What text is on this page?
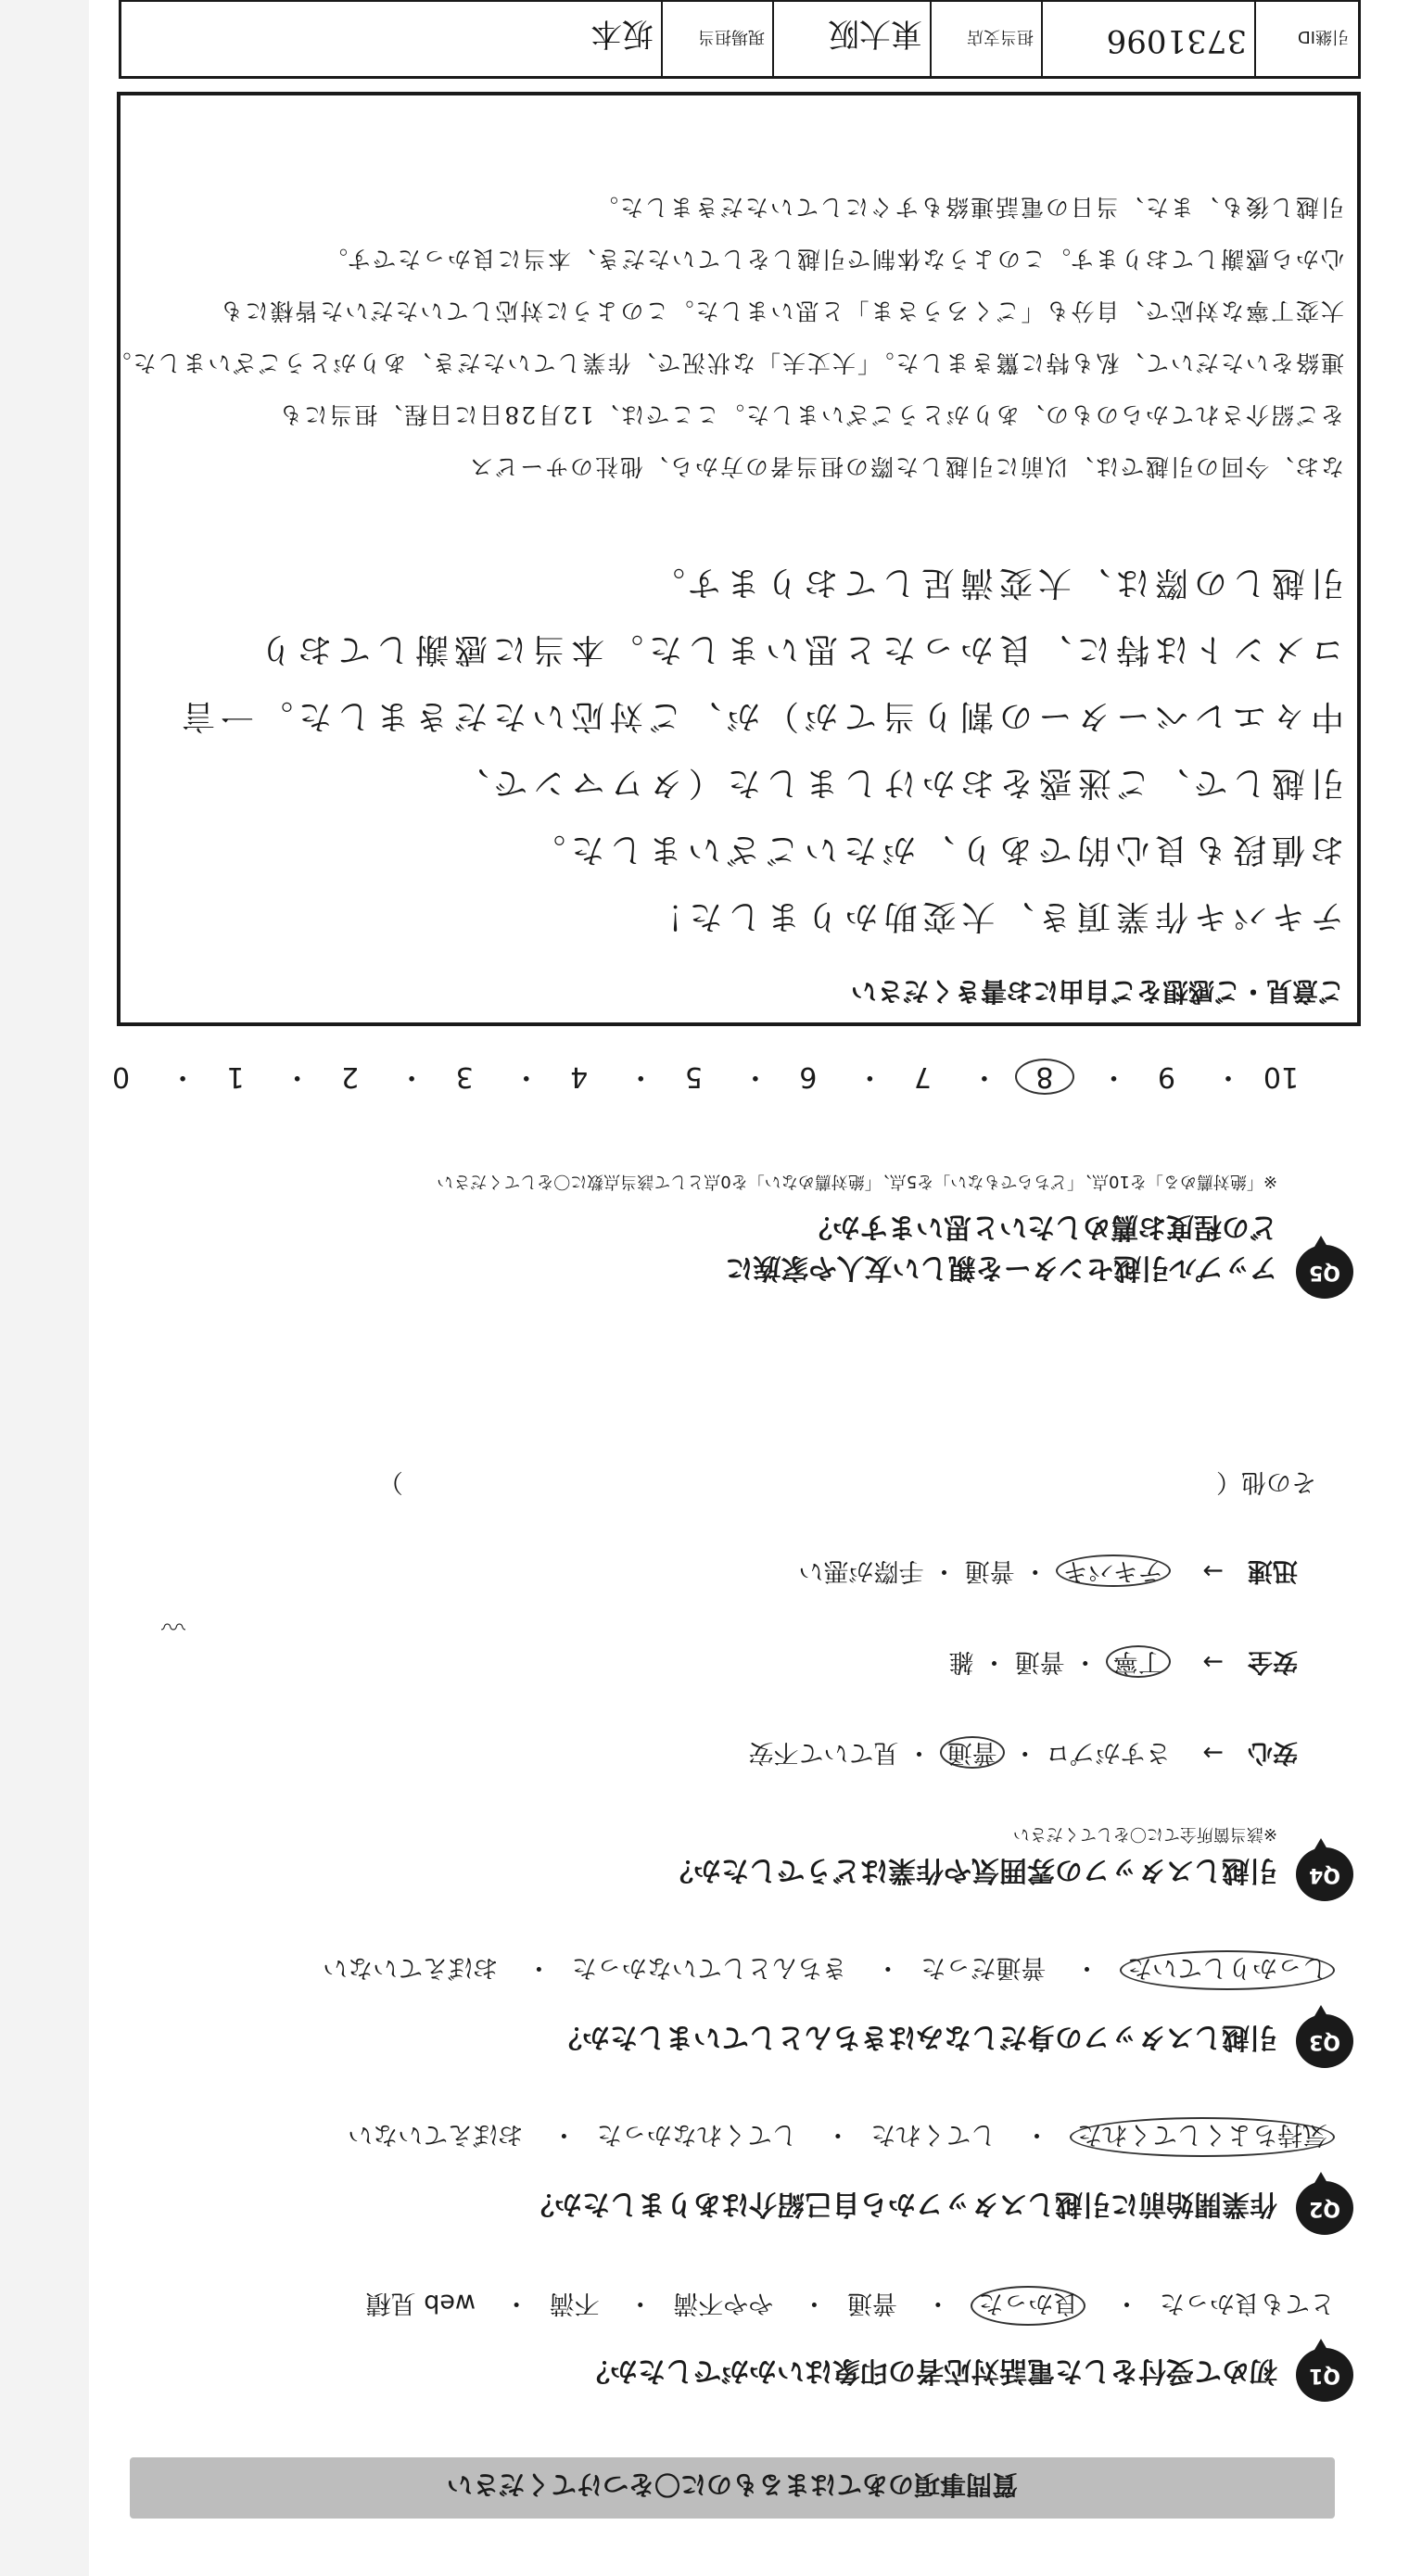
質問事項のあてはまるものに〇をつけてください
Q1
初めて受付をした電話対応者の印象はいかがでしたか？
とても良かった・ 良かった・ 普通・ やや不満・ 不満・ web 見積
Q2
作業開始前に引越しスタッフから自己紹介はありましたか？
気持ちよくしてくれた・ してくれた・ してくれなかった・ おぼえていない
Q3
引越しスタッフの身だしなみはきちんとしていましたか？
しっかりしていた・ 普通だった・ きちんとしていなかった・ おぼえていない
Q4
引越しスタッフの雰囲気や作業はどうでしたか？
※該当箇所全てに〇をしてください
安心→ さすがプロ ・ 普通 ・ 見ていて不安
安全→ 丁寧 ・ 普通 ・ 雑
迅速→ テキパキ ・ 普通 ・ 手際が悪い
その他（  ）
〰
Q5
アップル引越センターを親しい友人や家族に
どの程度お薦めしたいと思いますか？
※「絶対薦める」を10点、「どちらでもない」を5点、「絶対薦めない」を0点として該当点数に〇をしてください
10・ 9・ 8・ 7・ 6・ 5・ 4・ 3・ 2・ 1・ 0
ご意見・ご感想をご自由にお書きください
テキパキ作業頂き、大変助かりました！
お値段も良心的であり、がたいございました。
引越しで、ご迷惑をおかけしました（タワマンで、
中々エレベーターの割り当てが）が、ご対応いただきました。一言
コメントは特に、良かったと思いました。本当に感謝しており
引越しの際は、大変満足しております。
なお、今回の引越では、以前に引越した際の担当者の方から、他社のサービス
をご紹介されてからのもの、ありがとうございました。ここでは、12月28日に日程、担当にも
連絡をいただいて、私も特に驚きました。「大丈夫」な状況で、作業していただき、ありがとうございました。
大変丁寧な対応で、自分も「ごくろうさま」と思いました。このように対応していただいた皆様にも
心から感謝しております。このような体制で引越しをしていただき、本当に良かったです。
引越し後も、また、当日の電話連絡もすぐにしていただきました。
引継ID
3731096
担当支店
東大阪
現場担当
坂本
